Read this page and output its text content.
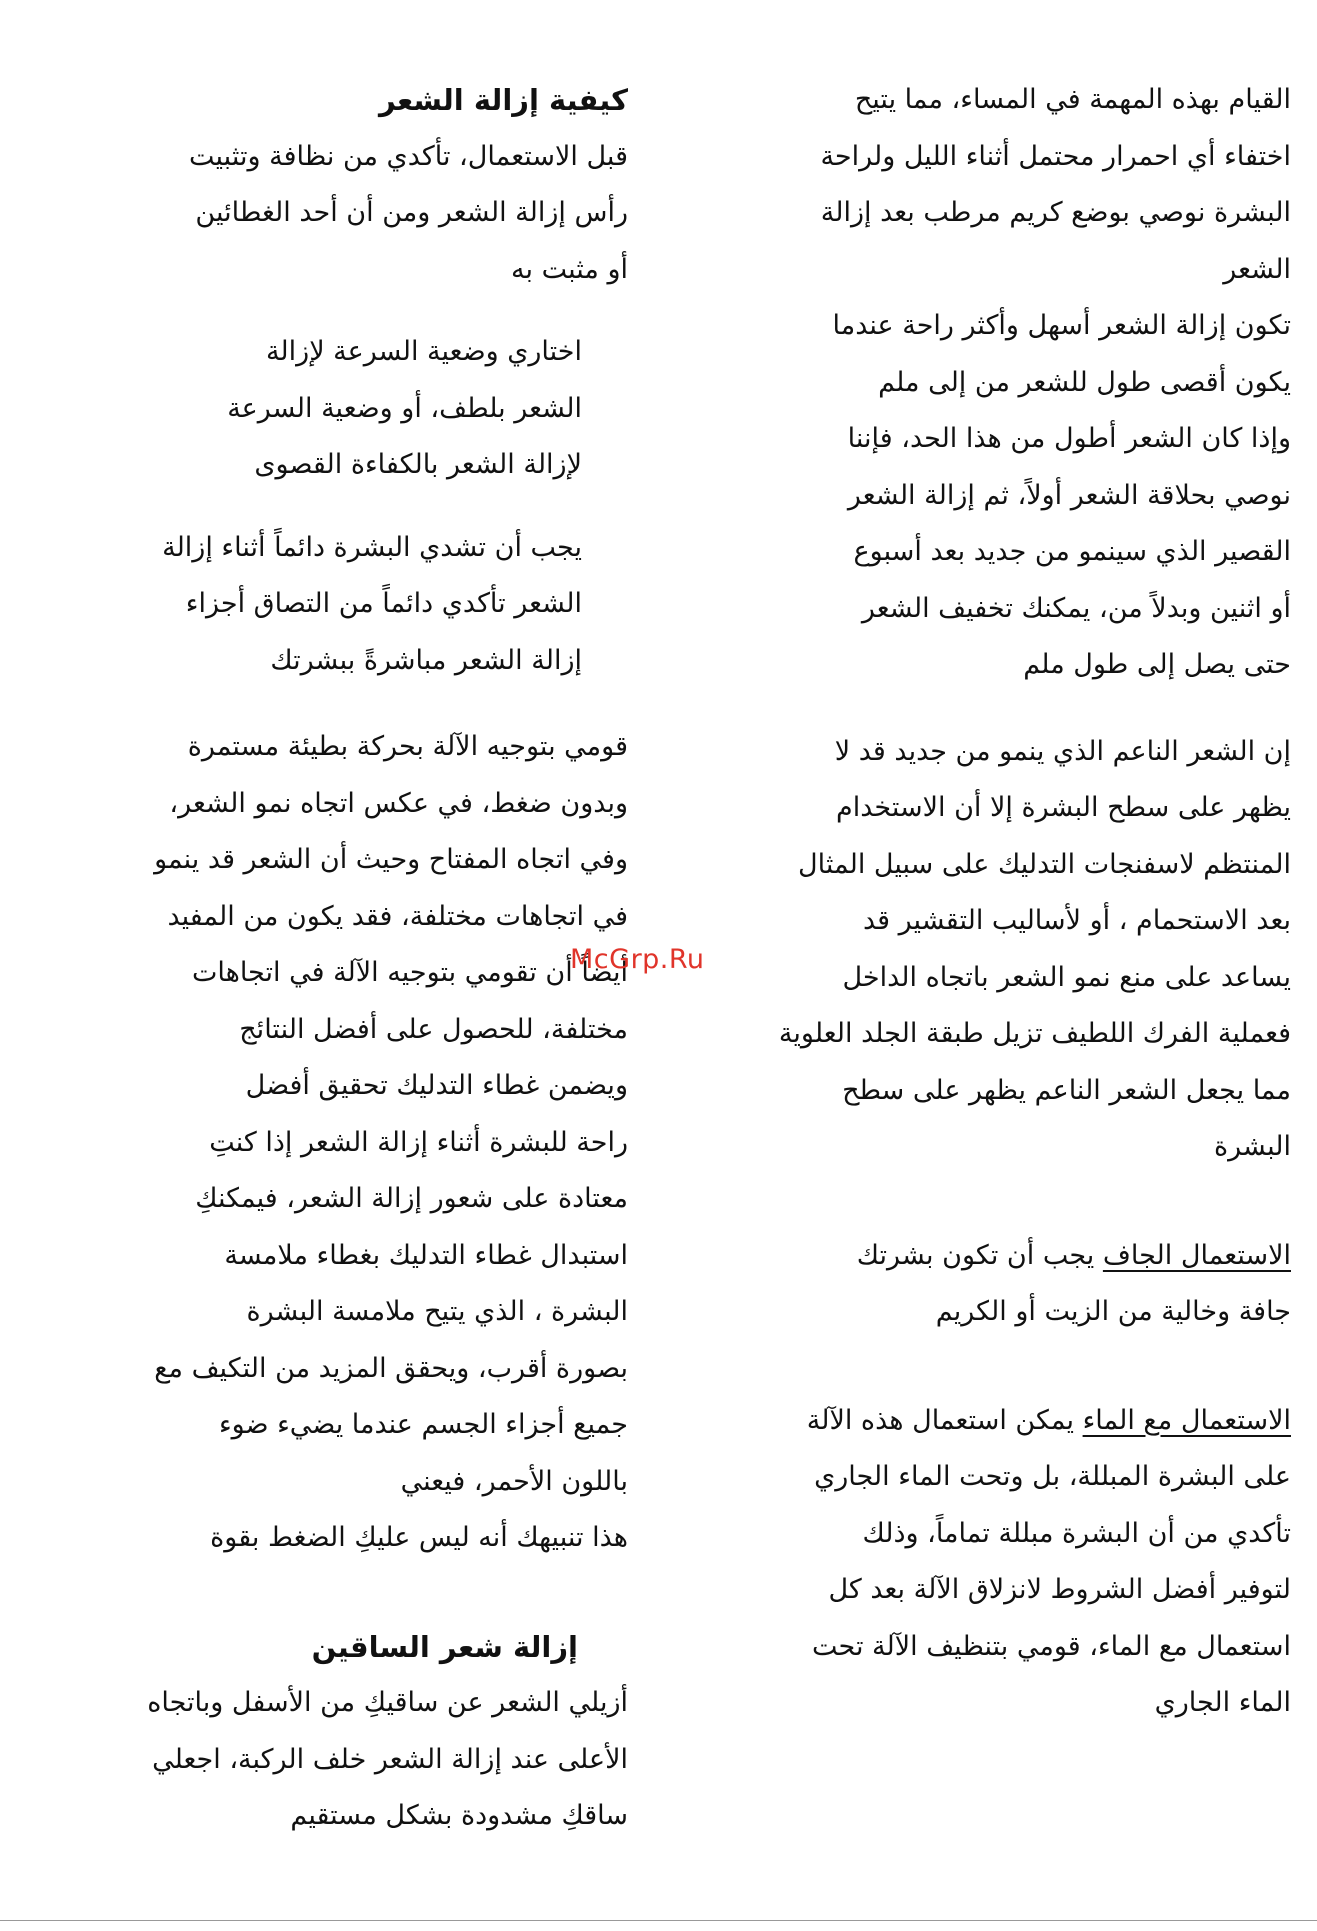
القيام بهذه المهمة في المساء، مما يتيح
اختفاء أي احمرار محتمل أثناء الليل ولراحة
البشرة نوصي بوضع كريم مرطب بعد إزالة
الشعر
تكون إزالة الشعر أسهل وأكثر راحة عندما
يكون أقصى طول للشعر من إلى ملم
وإذا كان الشعر أطول من هذا الحد، فإننا
نوصي بحلاقة الشعر أولاً، ثم إزالة الشعر
القصير الذي سينمو من جديد بعد أسبوع
أو اثنين وبدلاً من، يمكنك تخفيف الشعر
حتى يصل إلى طول ملم
إن الشعر الناعم الذي ينمو من جديد قد لا
يظهر على سطح البشرة إلا أن الاستخدام
المنتظم لاسفنجات التدليك على سبيل المثال
بعد الاستحمام ، أو لأساليب التقشير قد
يساعد على منع نمو الشعر باتجاه الداخل
فعملية الفرك اللطيف تزيل طبقة الجلد العلوية
مما يجعل الشعر الناعم يظهر على سطح
البشرة
الاستعمال الجاف يجب أن تكون بشرتك
جافة وخالية من الزيت أو الكريم
الاستعمال مع الماء يمكن استعمال هذه الآلة
على البشرة المبللة، بل وتحت الماء الجاري
تأكدي من أن البشرة مبللة تماماً، وذلك
لتوفير أفضل الشروط لانزلاق الآلة بعد كل
استعمال مع الماء، قومي بتنظيف الآلة تحت
الماء الجاري
كيفية إزالة الشعر
قبل الاستعمال، تأكدي من نظافة وتثبيت
رأس إزالة الشعر ومن أن أحد الغطائين
أو مثبت به
اختاري وضعية السرعة لإزالة
الشعر بلطف، أو وضعية السرعة
لإزالة الشعر بالكفاءة القصوى
يجب أن تشدي البشرة دائماً أثناء إزالة
الشعر تأكدي دائماً من التصاق أجزاء
إزالة الشعر مباشرةً ببشرتك
قومي بتوجيه الآلة بحركة بطيئة مستمرة
وبدون ضغط، في عكس اتجاه نمو الشعر،
وفي اتجاه المفتاح وحيث أن الشعر قد ينمو
في اتجاهات مختلفة، فقد يكون من المفيد
أيضاً أن تقومي بتوجيه الآلة في اتجاهات
مختلفة، للحصول على أفضل النتائج
ويضمن غطاء التدليك تحقيق أفضل
راحة للبشرة أثناء إزالة الشعر إذا كنتِ
معتادة على شعور إزالة الشعر، فيمكنكِ
استبدال غطاء التدليك بغطاء ملامسة
البشرة ، الذي يتيح ملامسة البشرة
بصورة أقرب، ويحقق المزيد من التكيف مع
جميع أجزاء الجسم عندما يضيء ضوء
باللون الأحمر، فيعني
هذا تنبيهك أنه ليس عليكِ الضغط بقوة
إزالة شعر الساقين
أزيلي الشعر عن ساقيكِ من الأسفل وباتجاه
الأعلى عند إزالة الشعر خلف الركبة، اجعلي
ساقكِ مشدودة بشكل مستقيم
McGrp.Ru
